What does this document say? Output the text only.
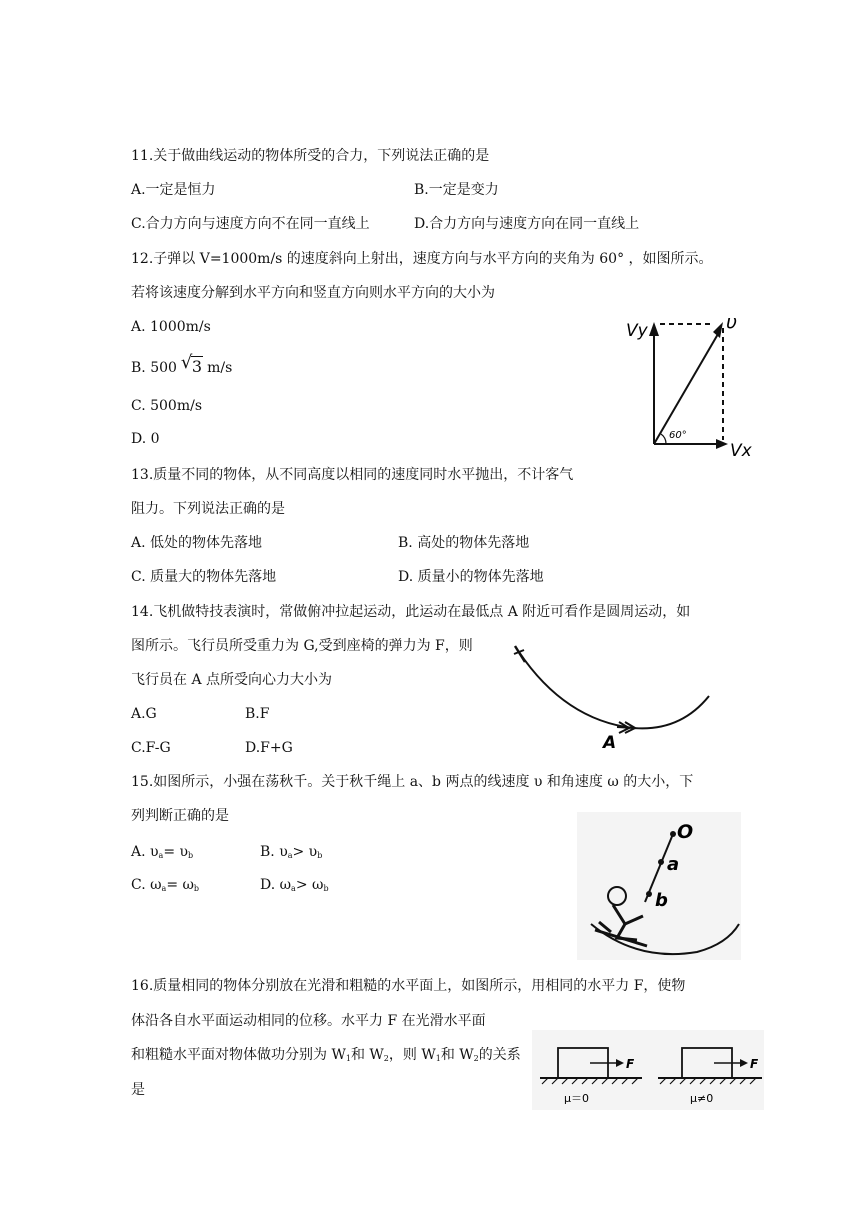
11.关于做曲线运动的物体所受的合力，下列说法正确的是
A.一定是恒力	B.一定是变力
C.合力方向与速度方向不在同一直线上	D.合力方向与速度方向在同一直线上
12.子弹以 V=1000m/s 的速度斜向上射出，速度方向与水平方向的夹角为 60° ，如图所示。
若将该速度分解到水平方向和竖直方向则水平方向的大小为
A. 1000m/s
B. 500 √ 3 m/s
C. 500m/s
D. 0	60°
Vy	υ
Vx
13.质量不同的物体，从不同高度以相同的速度同时水平抛出，不计客气
阻力。下列说法正确的是
A. 低处的物体先落地	B. 高处的物体先落地
C. 质量大的物体先落地	D. 质量小的物体先落地
14.飞机做特技表演时，常做俯冲拉起运动，此运动在最低点 A 附近可看作是圆周运动，如
图所示。飞行员所受重力为 G,受到座椅的弹力为 F，则
飞行员在 A 点所受向心力大小为
A.G	B.F
C.F-G	D.F+G	A
15.如图所示，小强在荡秋千。关于秋千绳上 a、b 两点的线速度 υ 和角速度 ω 的大小，下
列判断正确的是
A. $\upsilon_a= \upsilon_b$	B. $\upsilon_a> \upsilon_b$
C. $\omega_a= \omega_b$	D. $\omega_a> \omega_b$
O
a
b
16.质量相同的物体分别放在光滑和粗糙的水平面上，如图所示，用相同的水平力 F，使物
体沿各自水平面运动相同的位移。水平力 F 在光滑水平面
和粗糙水平面对物体做功分别为 $W_1$和 $W_2$，则 $W_1$和 $W_2$的关系
是
F
μ＝0
F
μ≠0
